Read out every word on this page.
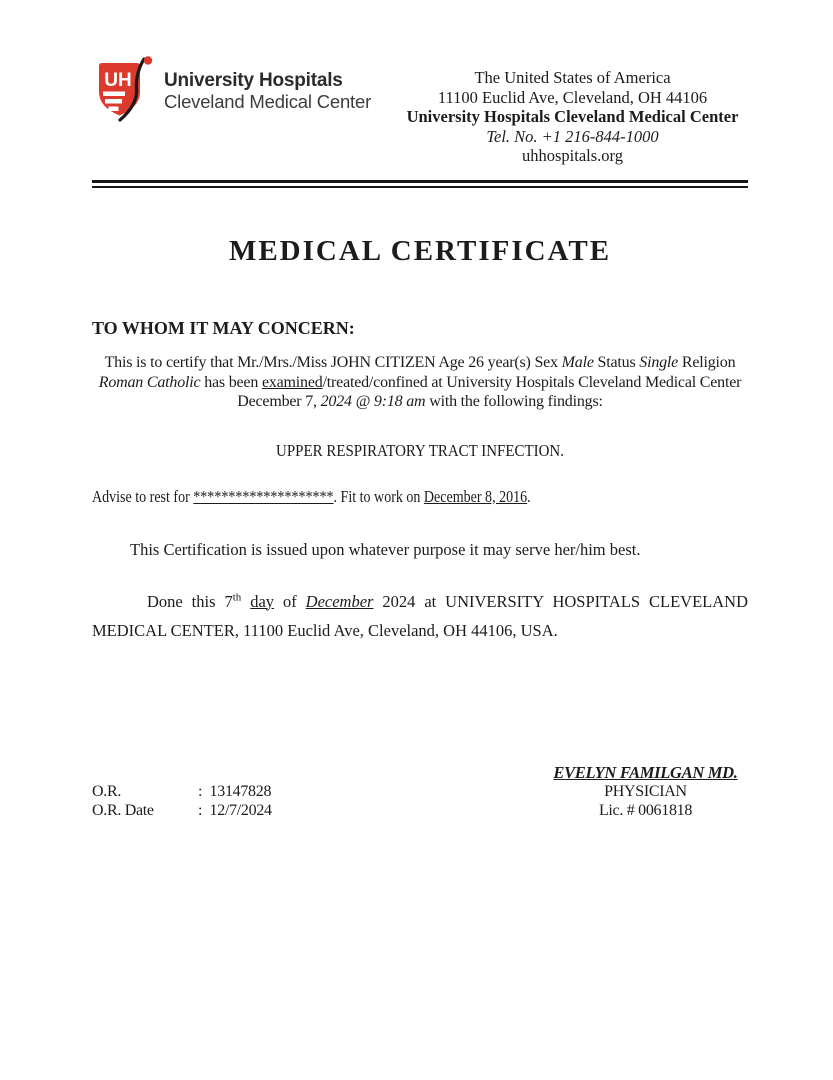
UH University Hospitals
Cleveland Medical Center
The United States of America
11100 Euclid Ave, Cleveland, OH 44106
University Hospitals Cleveland Medical Center
Tel. No. +1 216-844-1000
uhhospitals.org
MEDICAL CERTIFICATE
TO WHOM IT MAY CONCERN:

This is to certify that Mr./Mrs./Miss JOHN CITIZEN Age 26 year(s) Sex Male Status Single Religion Roman Catholic has been examined/treated/confined at University Hospitals Cleveland Medical Center December 7, 2024 @ 9:18 am with the following findings:

UPPER RESPIRATORY TRACT INFECTION.
Advise to rest for ********************. Fit to work on December 8, 2016.

This Certification is issued upon whatever purpose it may serve her/him best.

Done this 7th day of December 2024 at UNIVERSITY HOSPITALS CLEVELAND MEDICAL CENTER, 11100 Euclid Ave, Cleveland, OH 44106, USA.

O.R.	:  13147828
O.R. Date	:  12/7/2024
EVELYN FAMILGAN MD.
PHYSICIAN
Lic. # 0061818
